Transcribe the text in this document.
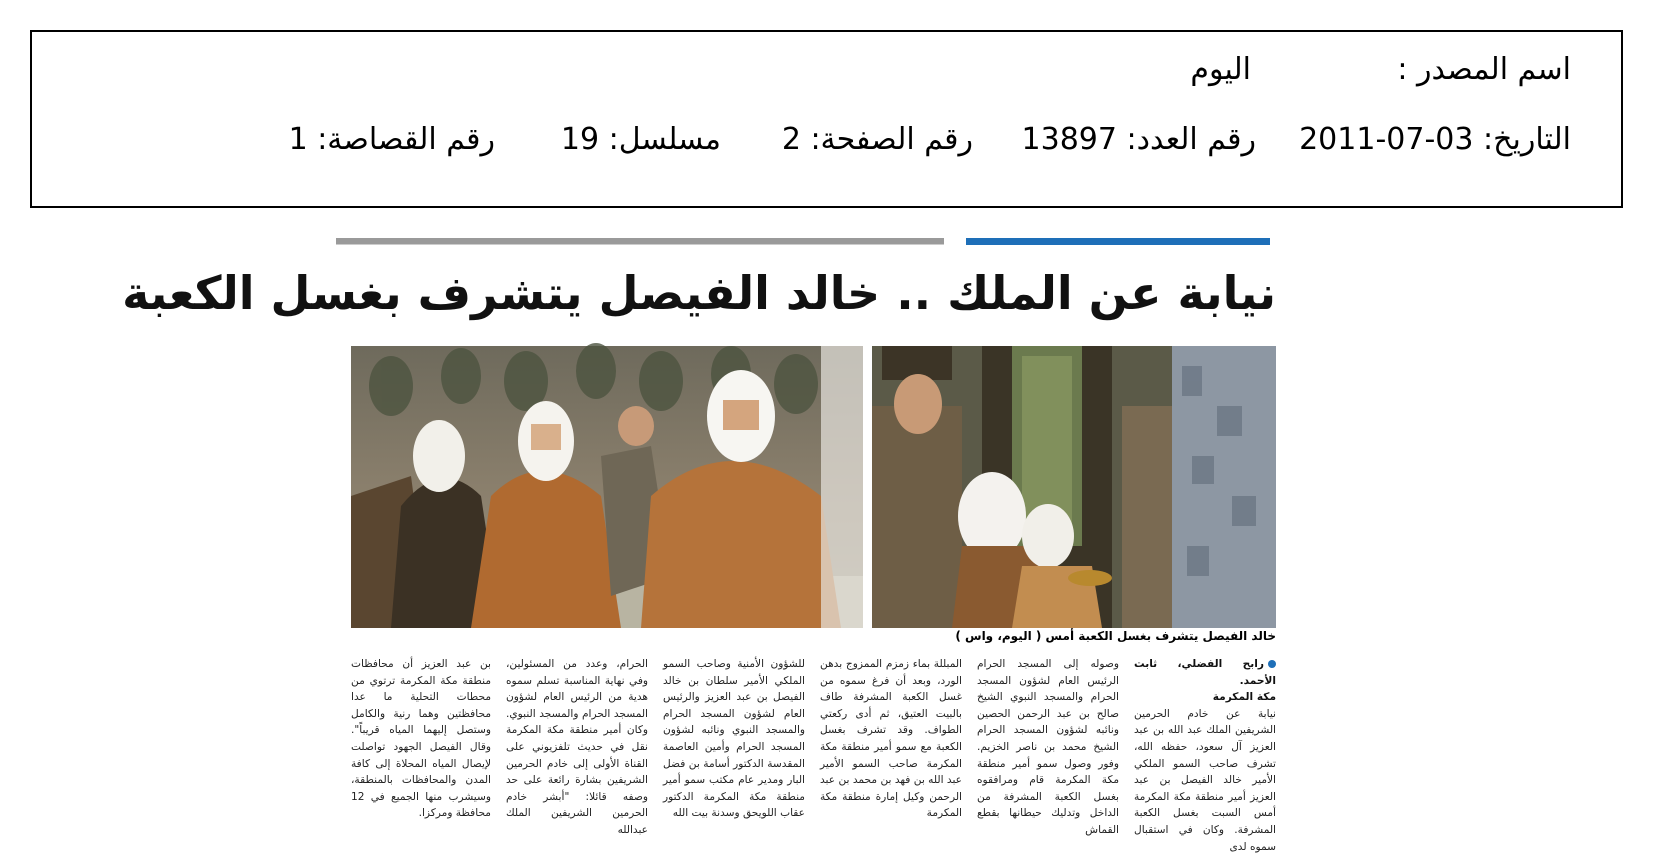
اسم المصدر :
اليوم
التاريخ: 03-07-2011
رقم العدد: 13897
رقم الصفحة: 2
مسلسل: 19
رقم القصاصة: 1
نيابة عن الملك .. خالد الفيصل يتشرف بغسل الكعبة
خالد الفيصل يتشرف بغسل الكعبة أمس ( اليوم، واس )

رابح الفضلي، ثابت الأحمد.

مكة المكرمة

نيابة عن خادم الحرمين الشريفين الملك عبد الله بن عبد العزيز آل سعود، حفظه الله، تشرف صاحب السمو الملكي الأمير خالد الفيصل بن عبد العزيز أمير منطقة مكة المكرمة أمس السبت بغسل الكعبة المشرفة. وكان في استقبال سموه لدى

وصوله إلى المسجد الحرام الرئيس العام لشؤون المسجد الحرام والمسجد النبوي الشيخ صالح بن عبد الرحمن الحصين ونائبه لشؤون المسجد الحرام الشيخ محمد بن ناصر الخزيم. وفور وصول سمو أمير منطقة مكة المكرمة قام ومرافقوه بغسل الكعبة المشرفة من الداخل وتدليك حيطانها بقطع القماش

المبللة بماء زمزم الممزوج بدهن الورد، وبعد أن فرغ سموه من غسل الكعبة المشرفة طاف بالبيت العتيق، ثم أدى ركعتي الطواف. وقد تشرف بغسل الكعبة مع سمو أمير منطقة مكة المكرمة صاحب السمو الأمير عبد الله بن فهد بن محمد بن عبد الرحمن وكيل إمارة منطقة مكة المكرمة

للشؤون الأمنية وصاحب السمو الملكي الأمير سلطان بن خالد الفيصل بن عبد العزيز والرئيس العام لشؤون المسجد الحرام والمسجد النبوي ونائبه لشؤون المسجد الحرام وأمين العاصمة المقدسة الدكتور أسامة بن فضل البار ومدير عام مكتب سمو أمير منطقة مكة المكرمة الدكتور عقاب اللويحق وسدنة بيت الله

الحرام، وعدد من المسئولين، وفي نهاية المناسبة تسلم سموه هدية من الرئيس العام لشؤون المسجد الحرام والمسجد النبوي. وكان أمير منطقة مكة المكرمة نقل في حديث تلفزيوني على القناة الأولى إلى خادم الحرمين الشريفين بشارة رائعة على حد وصفه قائلا: "أبشر خادم الحرمين الشريفين الملك عبدالله

بن عبد العزيز أن محافظات منطقة مكة المكرمة ترتوي من محطات التحلية ما عدا محافظتين وهما رنية والكامل وستصل إليهما المياه قريباً". وقال الفيصل الجهود تواصلت لإيصال المياه المحلاة إلى كافة المدن والمحافظات بالمنطقة، وسيشرب منها الجميع في 12 محافظة ومركزا.
